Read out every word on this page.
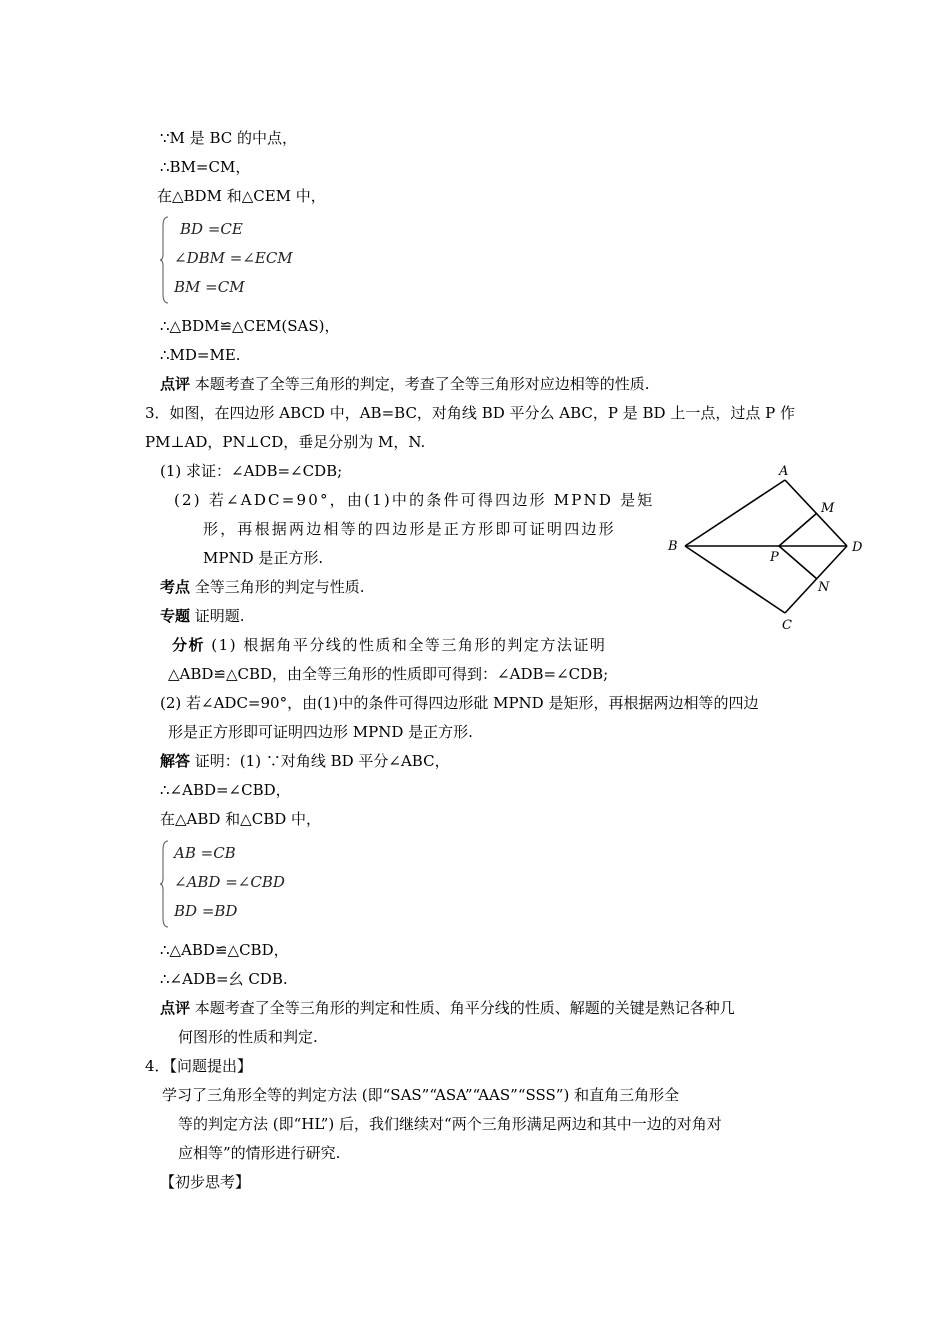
∵M 是 BC 的中点，
∴BM=CM，
在△BDM 和△CEM 中，
BD =CE
∠DBM =∠ECM
BM =CM
∴△BDM≌△CEM(SAS)，
∴MD=ME.
点评 本题考查了全等三角形的判定，考查了全等三角形对应边相等的性质.
3．如图，在四边形 ABCD 中，AB=BC，对角线 BD 平分么 ABC，P 是 BD 上一点，过点 P 作
PM⊥AD，PN⊥CD，垂足分别为 M，N.
(1) 求证：∠ADB=∠CDB;
(2) 若∠ADC=90°，由(1)中的条件可得四边形 MPND 是矩
形，再根据两边相等的四边形是正方形即可证明四边形
MPND 是正方形.
考点 全等三角形的判定与性质.
专题 证明题.
分析 (1) 根据角平分线的性质和全等三角形的判定方法证明
△ABD≌△CBD，由全等三角形的性质即可得到：∠ADB=∠CDB;
(2) 若∠ADC=90°，由(1)中的条件可得四边形砒 MPND 是矩形，再根据两边相等的四边
形是正方形即可证明四边形 MPND 是正方形.
解答 证明：(1) ∵对角线 BD 平分∠ABC，
∴∠ABD=∠CBD，
在△ABD 和△CBD 中，
AB =CB
∠ABD =∠CBD
BD =BD
∴△ABD≌△CBD，
∴∠ADB=幺 CDB.
点评 本题考查了全等三角形的判定和性质、角平分线的性质、解题的关键是熟记各种几
何图形的性质和判定.
4．【问题提出】
学习了三角形全等的判定方法 (即“SAS”“ASA”“AAS”“SSS”) 和直角三角形全
等的判定方法 (即“HL”) 后，我们继续对“两个三角形满足两边和其中一边的对角对
应相等”的情形进行研究.
【初步思考】
A
B
C
D
M
N
P
